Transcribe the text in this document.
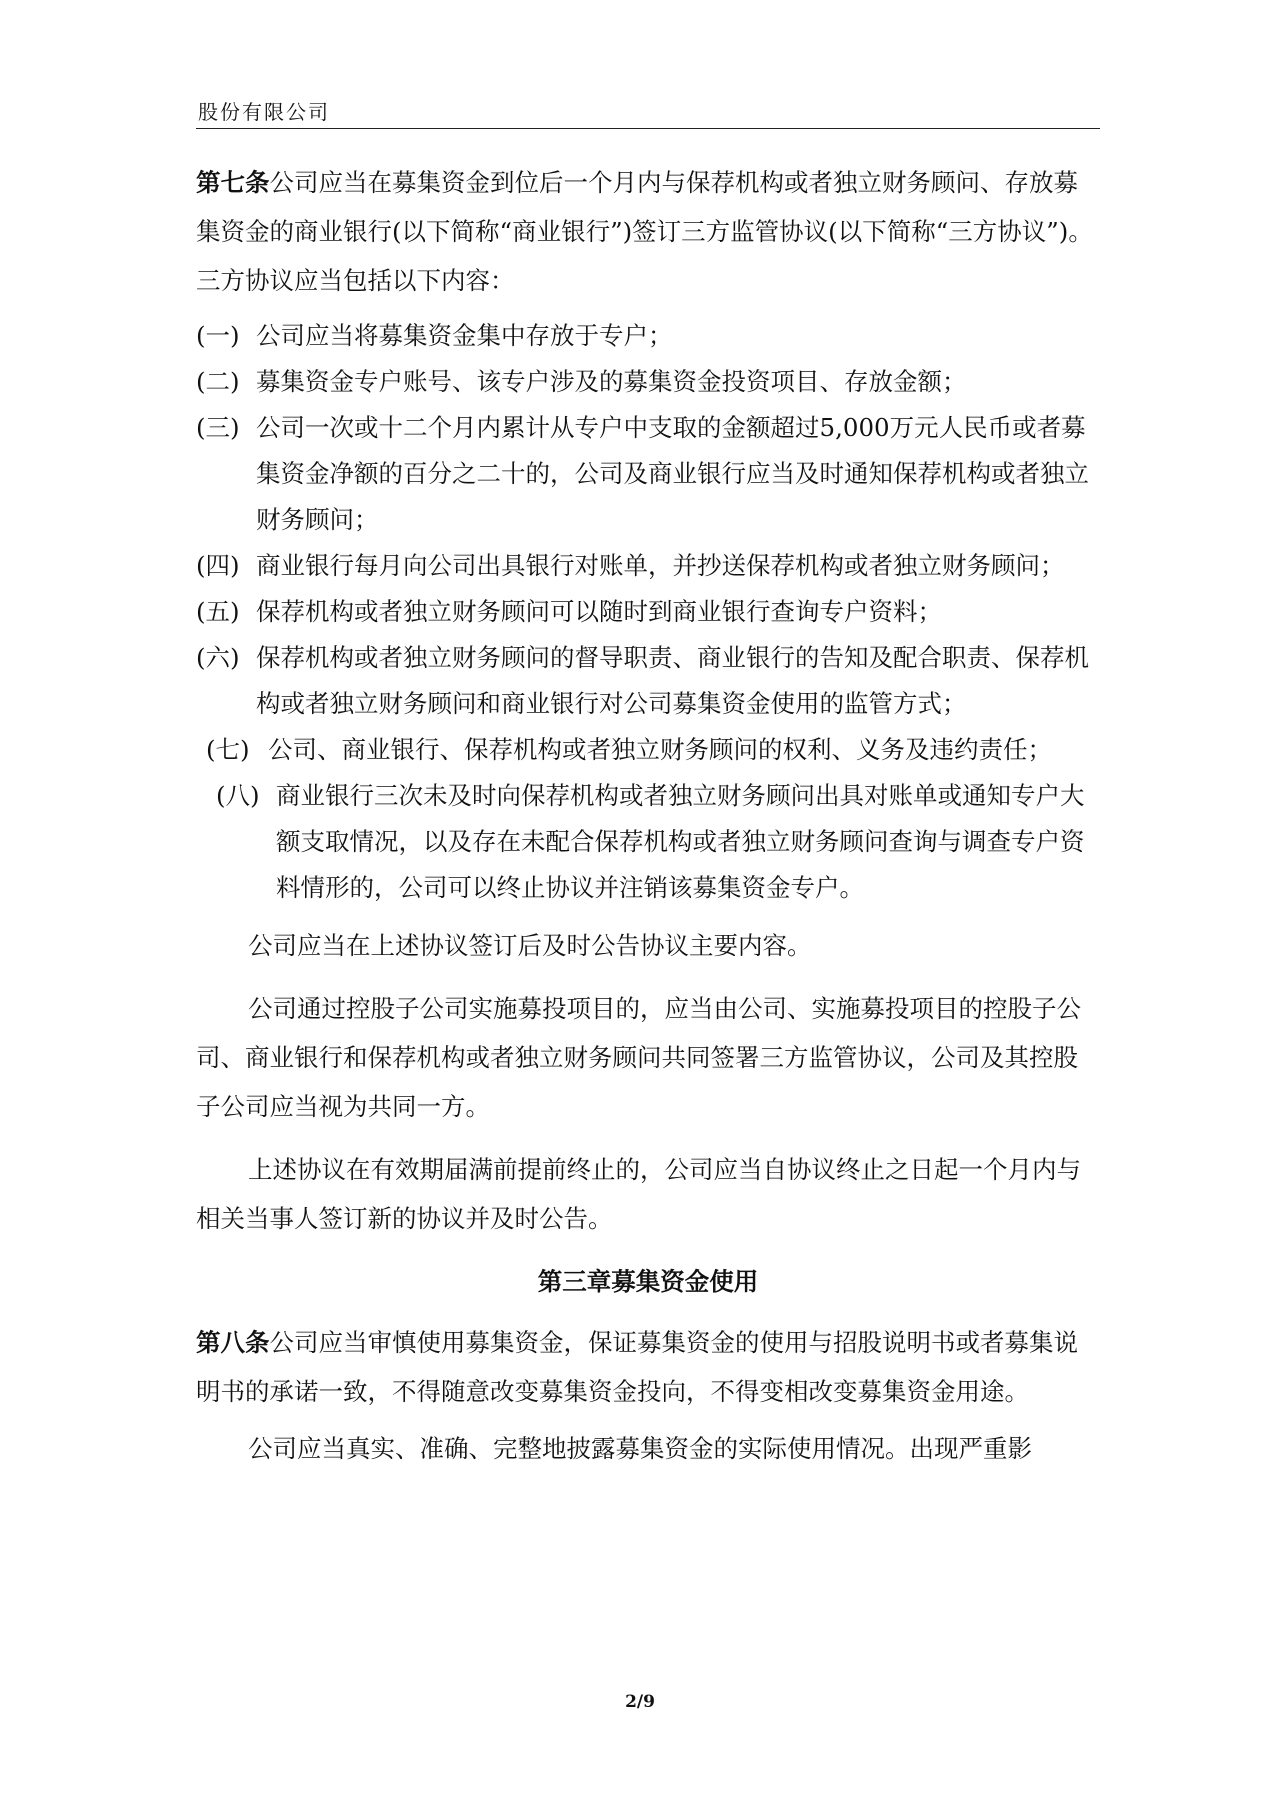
股份有限公司

第七条公司应当在募集资金到位后一个月内与保荐机构或者独立财务顾问、存放募集资金的商业银行(以下简称“商业银行”)签订三方监管协议(以下简称“三方协议”)。三方协议应当包括以下内容：

(一) 公司应当将募集资金集中存放于专户；
(二) 募集资金专户账号、该专户涉及的募集资金投资项目、存放金额；
(三) 公司一次或十二个月内累计从专户中支取的金额超过5,000万元人民币或者募集资金净额的百分之二十的，公司及商业银行应当及时通知保荐机构或者独立财务顾问；
(四) 商业银行每月向公司出具银行对账单，并抄送保荐机构或者独立财务顾问；
(五) 保荐机构或者独立财务顾问可以随时到商业银行查询专户资料；
(六) 保荐机构或者独立财务顾问的督导职责、商业银行的告知及配合职责、保荐机构或者独立财务顾问和商业银行对公司募集资金使用的监管方式；
(七) 公司、商业银行、保荐机构或者独立财务顾问的权利、义务及违约责任；
(八) 商业银行三次未及时向保荐机构或者独立财务顾问出具对账单或通知专户大额支取情况，以及存在未配合保荐机构或者独立财务顾问查询与调查专户资料情形的，公司可以终止协议并注销该募集资金专户。

公司应当在上述协议签订后及时公告协议主要内容。

公司通过控股子公司实施募投项目的，应当由公司、实施募投项目的控股子公司、商业银行和保荐机构或者独立财务顾问共同签署三方监管协议，公司及其控股子公司应当视为共同一方。

上述协议在有效期届满前提前终止的，公司应当自协议终止之日起一个月内与相关当事人签订新的协议并及时公告。

第三章募集资金使用

第八条公司应当审慎使用募集资金，保证募集资金的使用与招股说明书或者募集说明书的承诺一致，不得随意改变募集资金投向，不得变相改变募集资金用途。

公司应当真实、准确、完整地披露募集资金的实际使用情况。出现严重影

2/9
